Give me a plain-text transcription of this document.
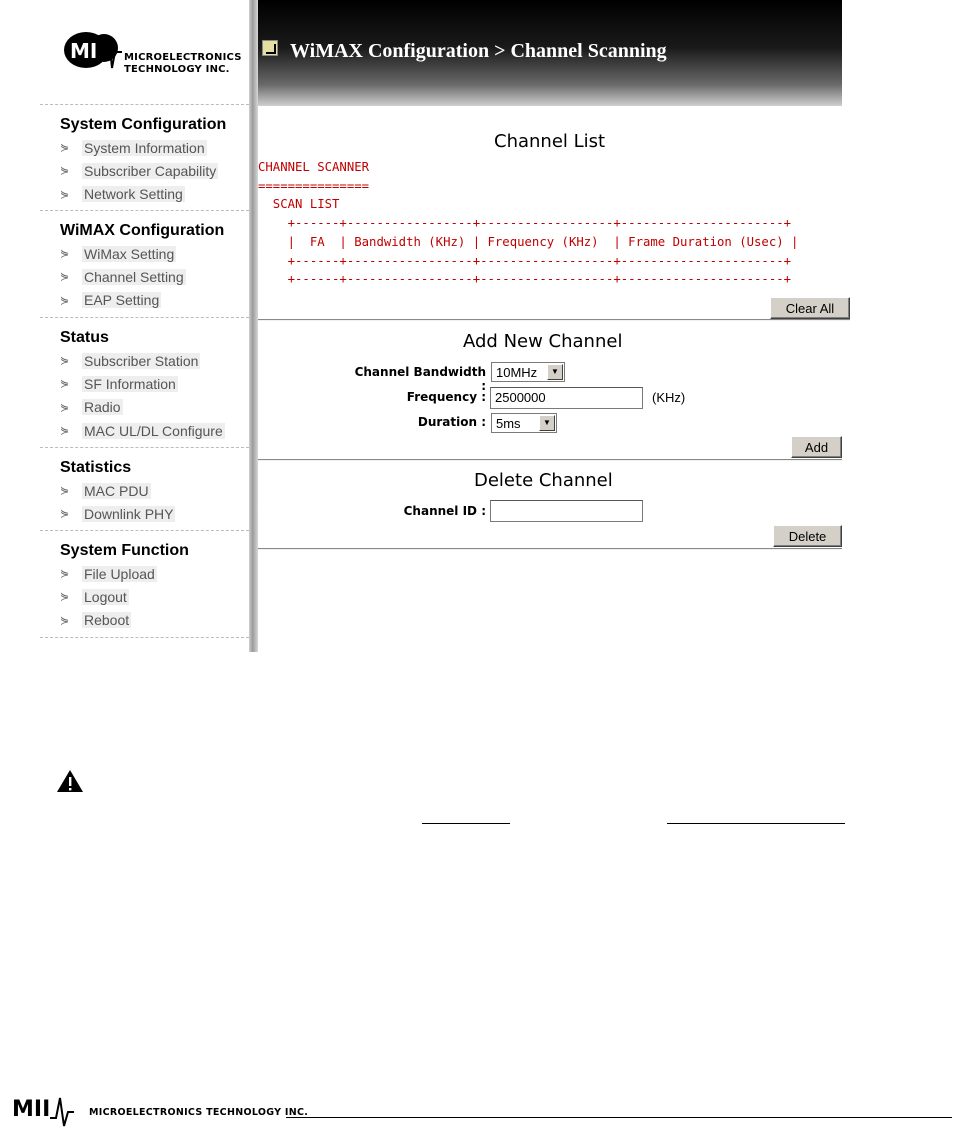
MI	MICROELECTRONICS
TECHNOLOGY INC.
System Configuration
⋟	System Information
⋟	Subscriber Capability
⋟	Network Setting
WiMAX Configuration
⋟	WiMax Setting
⋟	Channel Setting
⋟	EAP Setting
Status
⋟	Subscriber Station
⋟	SF Information
⋟	Radio
⋟	MAC UL/DL Configure
Statistics
⋟	MAC PDU
⋟	Downlink PHY
System Function
⋟	File Upload
⋟	Logout
⋟	Reboot
WiMAX Configuration > Channel Scanning
Channel List
CHANNEL SCANNER
===============
SCAN LIST
+------+-----------------+------------------+----------------------+
|  FA  | Bandwidth (KHz) | Frequency (KHz)  | Frame Duration (Usec) |
+------+-----------------+------------------+----------------------+
+------+-----------------+------------------+----------------------+
Clear All
Add New Channel
Channel Bandwidth :
10MHz	▼
Frequency : 2500000	(KHz)
Duration : 5ms	▼
Add
Delete Channel
Channel ID :
Delete
MII	MICROELECTRONICS TECHNOLOGY INC.
